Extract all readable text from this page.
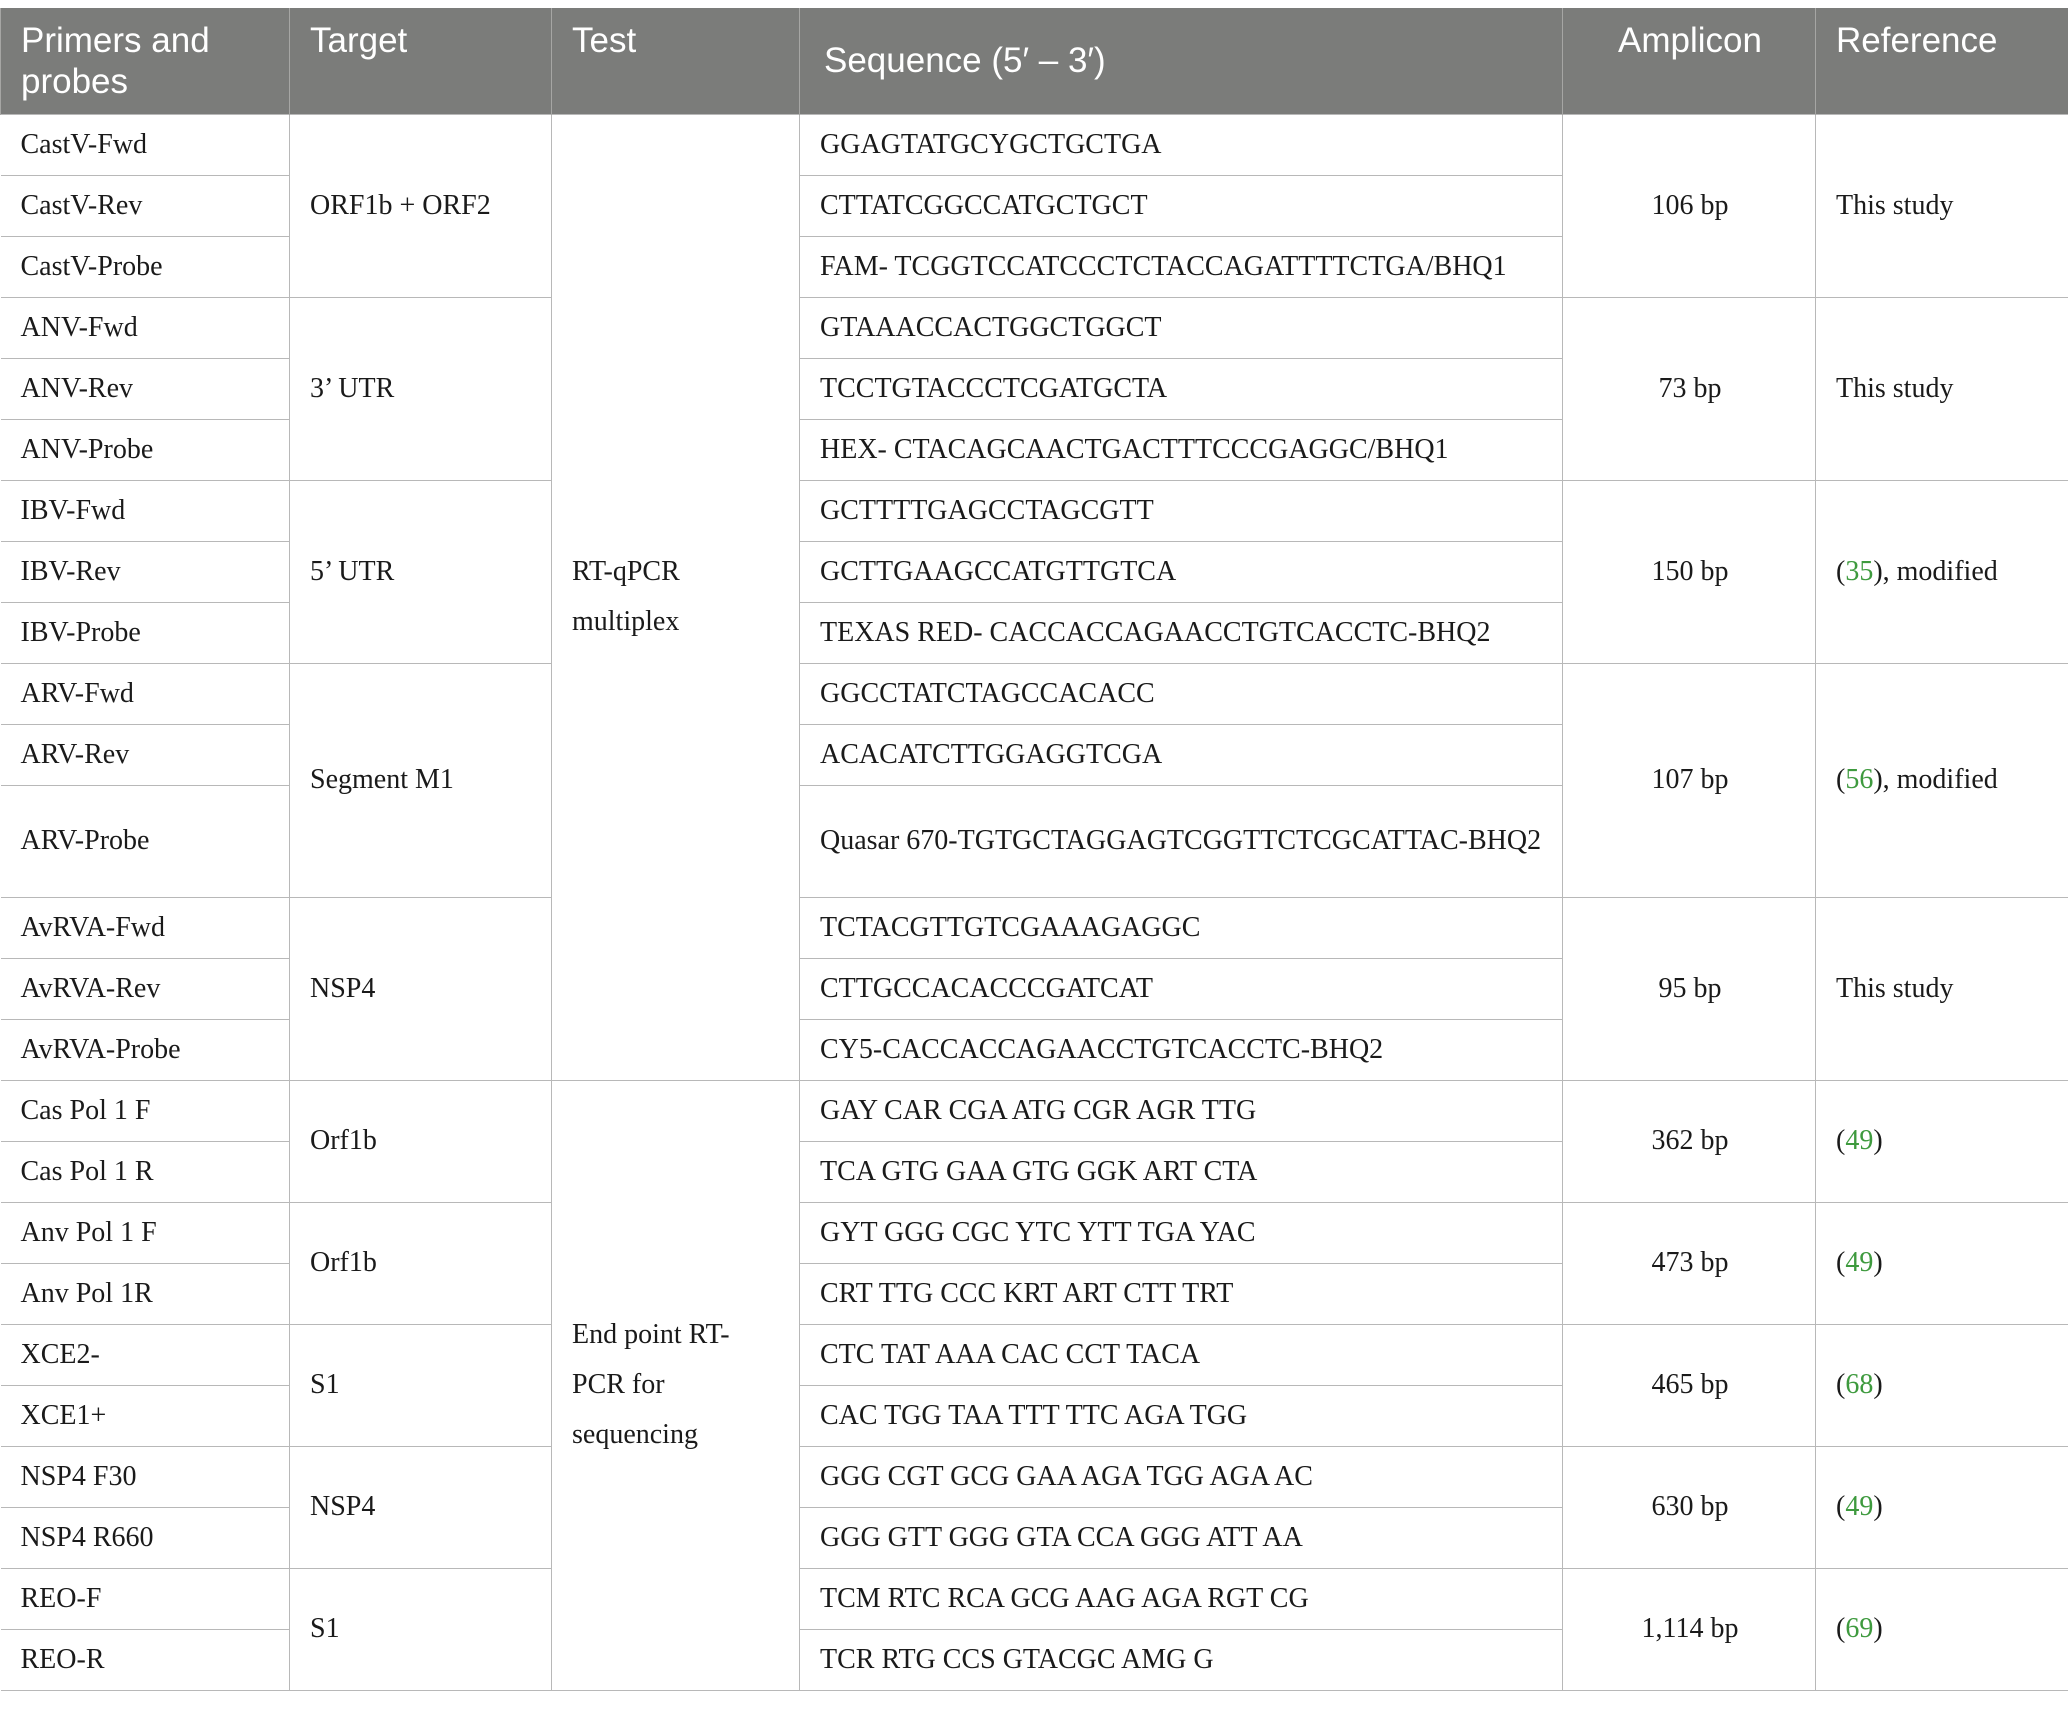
Primers and probes	Target	Test	Sequence (5′ – 3′)	Amplicon	Reference
CastV-Fwd	ORF1b + ORF2	RT-qPCR multiplex	GGAGTATGCYGCTGCTGA	106 bp	This study
CastV-Rev			CTTATCGGCCATGCTGCT		
CastV-Probe			FAM- TCGGTCCATCCCTCTACCAGATTTTCTGA/BHQ1		
ANV-Fwd	3’ UTR		GTAAACCACTGGCTGGCT	73 bp	This study
ANV-Rev			TCCTGTACCCTCGATGCTA		
ANV-Probe			HEX- CTACAGCAACTGACTTTCCCGAGGC/BHQ1		
IBV-Fwd	5’ UTR		GCTTTTGAGCCTAGCGTT	150 bp	(35), modified
IBV-Rev			GCTTGAAGCCATGTTGTCA		
IBV-Probe			TEXAS RED- CACCACCAGAACCTGTCACCTC-BHQ2		
ARV-Fwd	Segment M1		GGCCTATCTAGCCACACC	107 bp	(56), modified
ARV-Rev			ACACATCTTGGAGGTCGA		
ARV-Probe			Quasar 670-TGTGCTAGGAGTCGGTTCTCGCATTAC-BHQ2		
AvRVA-Fwd	NSP4		TCTACGTTGTCGAAAGAGGC	95 bp	This study
AvRVA-Rev			CTTGCCACACCCGATCAT		
AvRVA-Probe			CY5-CACCACCAGAACCTGTCACCTC-BHQ2		
Cas Pol 1 F	Orf1b	End point RT-PCR for sequencing	GAY CAR CGA ATG CGR AGR TTG	362 bp	(49)
Cas Pol 1 R			TCA GTG GAA GTG GGK ART CTA		
Anv Pol 1 F	Orf1b		GYT GGG CGC YTC YTT TGA YAC	473 bp	(49)
Anv Pol 1R			CRT TTG CCC KRT ART CTT TRT		
XCE2-	S1		CTC TAT AAA CAC CCT TACA	465 bp	(68)
XCE1+			CAC TGG TAA TTT TTC AGA TGG		
NSP4 F30	NSP4		GGG CGT GCG GAA AGA TGG AGA AC	630 bp	(49)
NSP4 R660			GGG GTT GGG GTA CCA GGG ATT AA		
REO-F	S1		TCM RTC RCA GCG AAG AGA RGT CG	1,114 bp	(69)
REO-R			TCR RTG CCS GTACGC AMG G		
